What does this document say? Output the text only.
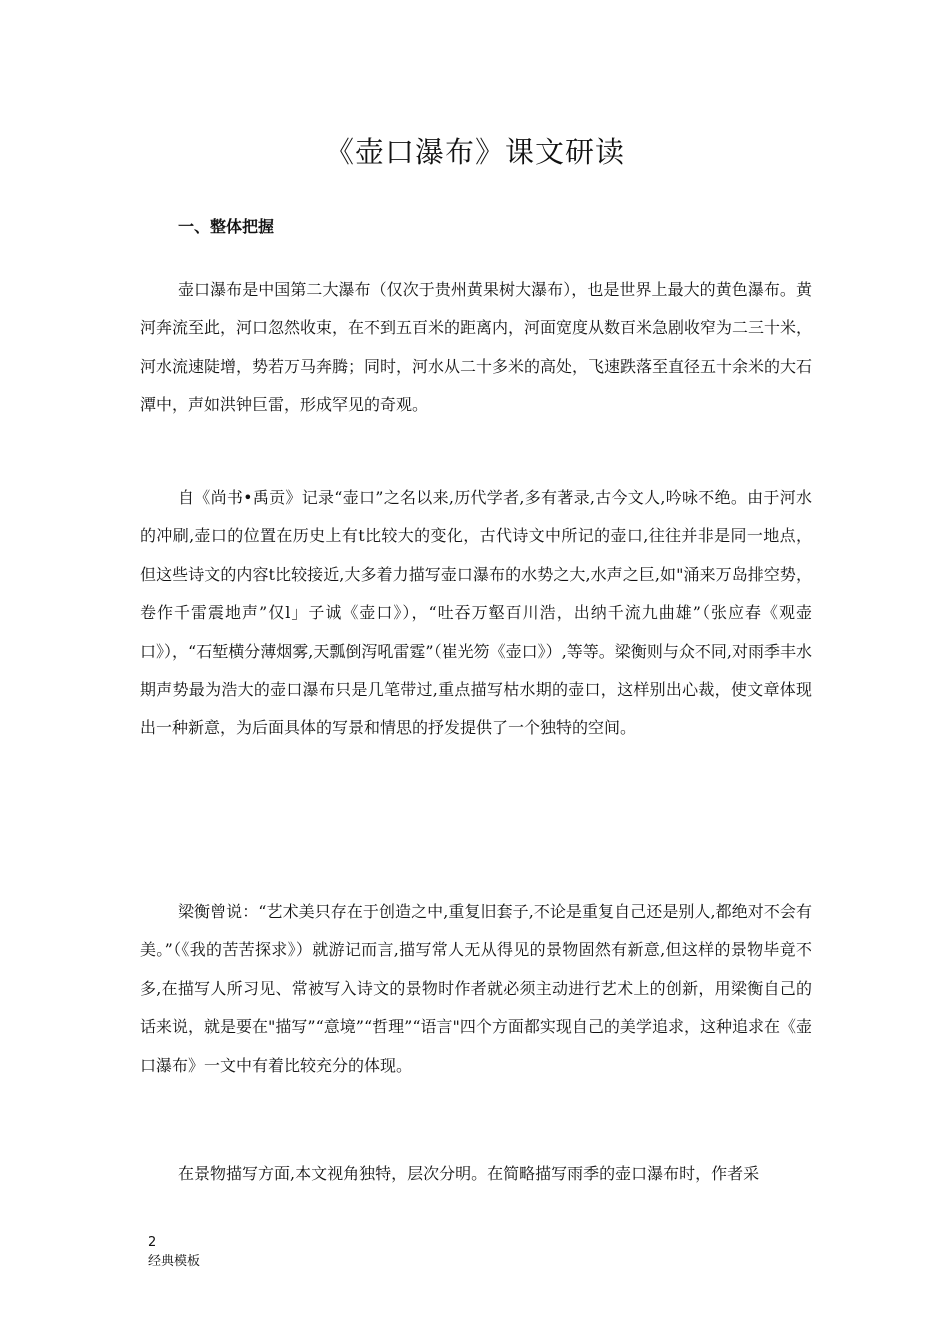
《壶口瀑布》课文研读
一、整体把握

壶口瀑布是中国第二大瀑布（仅次于贵州黄果树大瀑布），也是世界上最大的黄色瀑布。黄河奔流至此，河口忽然收束，在不到五百米的距离内，河面宽度从数百米急剧收窄为二三十米，河水流速陡增，势若万马奔腾；同时，河水从二十多米的高处，飞速跌落至直径五十余米的大石潭中，声如洪钟巨雷，形成罕见的奇观。

自《尚书•禹贡》记录“壶口”之名以来,历代学者,多有著录,古今文人,吟咏不绝。由于河水的冲刷,壶口的位置在历史上有t比较大的变化，古代诗文中所记的壶口,往往并非是同一地点，但这些诗文的内容t比较接近,大多着力描写壶口瀑布的水势之大,水声之巨,如"涌来万岛排空势，卷作千雷震地声”仅l」子诚《壶口》），“吐吞万壑百川浩，出纳千流九曲雄”（张应春《观壶口》），“石堑横分薄烟雾,天瓢倒泻吼雷霆”（崔光笏《壶口》）,等等。梁衡则与众不同,对雨季丰水期声势最为浩大的壶口瀑布只是几笔带过,重点描写枯水期的壶口，这样别出心裁，使文章体现出一种新意，为后面具体的写景和情思的抒发提供了一个独特的空间。

梁衡曾说：“艺术美只存在于创造之中,重复旧套子,不论是重复自己还是别人,都绝对不会有美。”（《我的苦苦探求》）就游记而言,描写常人无从得见的景物固然有新意,但这样的景物毕竟不多,在描写人所习见、常被写入诗文的景物时作者就必须主动进行艺术上的创新，用梁衡自己的话来说，就是要在"描写”“意境”“哲理”“语言"四个方面都实现自己的美学追求，这种追求在《壶口瀑布》一文中有着比较充分的体现。

在景物描写方面,本文视角独特，层次分明。在简略描写雨季的壶口瀑布时，作者采

2
经典模板
